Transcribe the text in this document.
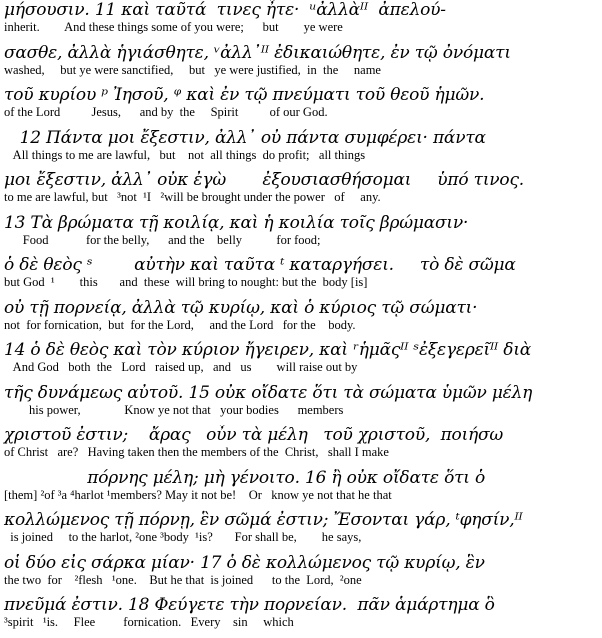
μήσουσιν. 11 καὶ ταῦτά  τινες ἦτε·  ᵘἀλλὰᴵᴵ  ἀπελού-
inherit.        And these things some of you were;      but        ye were
σασθε, ἀλλὰ ἡγιάσθητε, ᵛἀλλ᾽ᴵᴵ ἐδικαιώθητε, ἐν τῷ ὀνόματι
washed,     but ye were sanctified,     but   ye were justified,  in  the     name
τοῦ κυρίου ᵖ Ἰησοῦ, ᵠ καὶ ἐν τῷ πνεύματι τοῦ θεοῦ ἡμῶν.
of the Lord          Jesus,      and by  the     Spirit          of our God.
12 Πάντα μοι ἔξεστιν, ἀλλ᾽ οὐ πάντα συμφέρει· πάντα
All things to me are lawful,   but    not  all things  do profit;   all things
μοι ἔξεστιν, ἀλλ᾽ οὐκ ἐγὼ       ἐξουσιασθήσομαι     ὑπό τινος.
to me are lawful, but   ³not  ¹I   ²will be brought under the power   of     any.
13 Τὰ βρώματα τῇ κοιλίᾳ, καὶ ἡ κοιλία τοῖς βρώμασιν·
Food            for the belly,      and the    belly           for food;
ὁ δὲ θεὸς ˢ        αὐτὴν καὶ ταῦτα ᵗ καταργήσει.     τὸ δὲ σῶμα
but God  ¹        this       and  these  will bring to nought: but the  body [is]
οὐ τῇ πορνείᾳ, ἀλλὰ τῷ κυρίῳ, καὶ ὁ κύριος τῷ σώματι·
not  for fornication,  but  for the Lord,     and the Lord   for the    body.
14 ὁ δὲ θεὸς καὶ τὸν κύριον ἤγειρεν, καὶ ʳἡμᾶςᴵᴵ ˢἐξεγερεῖᴵᴵ διὰ
And God   both  the   Lord   raised up,   and   us        will raise out by
τῆς δυνάμεως αὐτοῦ. 15 οὐκ οἴδατε ὅτι τὰ σώματα ὑμῶν μέλη
his power,              Know ye not that   your bodies      members
χριστοῦ ἐστιν;    ἄρας   οὖν τὰ μέλη   τοῦ χριστοῦ,  ποιήσω
of Christ   are?   Having taken then the members of the  Christ,   shall I make
πόρνης μέλη; μὴ γένοιτο. 16 ἢ οὐκ οἴδατε ὅτι ὁ
[them] ²of ³a ⁴harlot ¹members? May it not be!    Or   know ye not that he that
κολλώμενος τῇ πόρνῃ, ἓν σῶμά ἐστιν; Ἔσονται γάρ, ᵗφησίν,ᴵᴵ
is joined     to the harlot, ²one ³body  ¹is?       For shall be,        he says,
οἱ δύο εἰς σάρκα μίαν· 17 ὁ δὲ κολλώμενος τῷ κυρίῳ, ἓν
the two  for    ²flesh   ¹one.    But he that  is joined      to the  Lord,  ²one
πνεῦμά ἐστιν. 18 Φεύγετε τὴν πορνείαν.  πᾶν ἁμάρτημα ὃ
³spirit   ¹is.     Flee         fornication.   Every    sin     which
